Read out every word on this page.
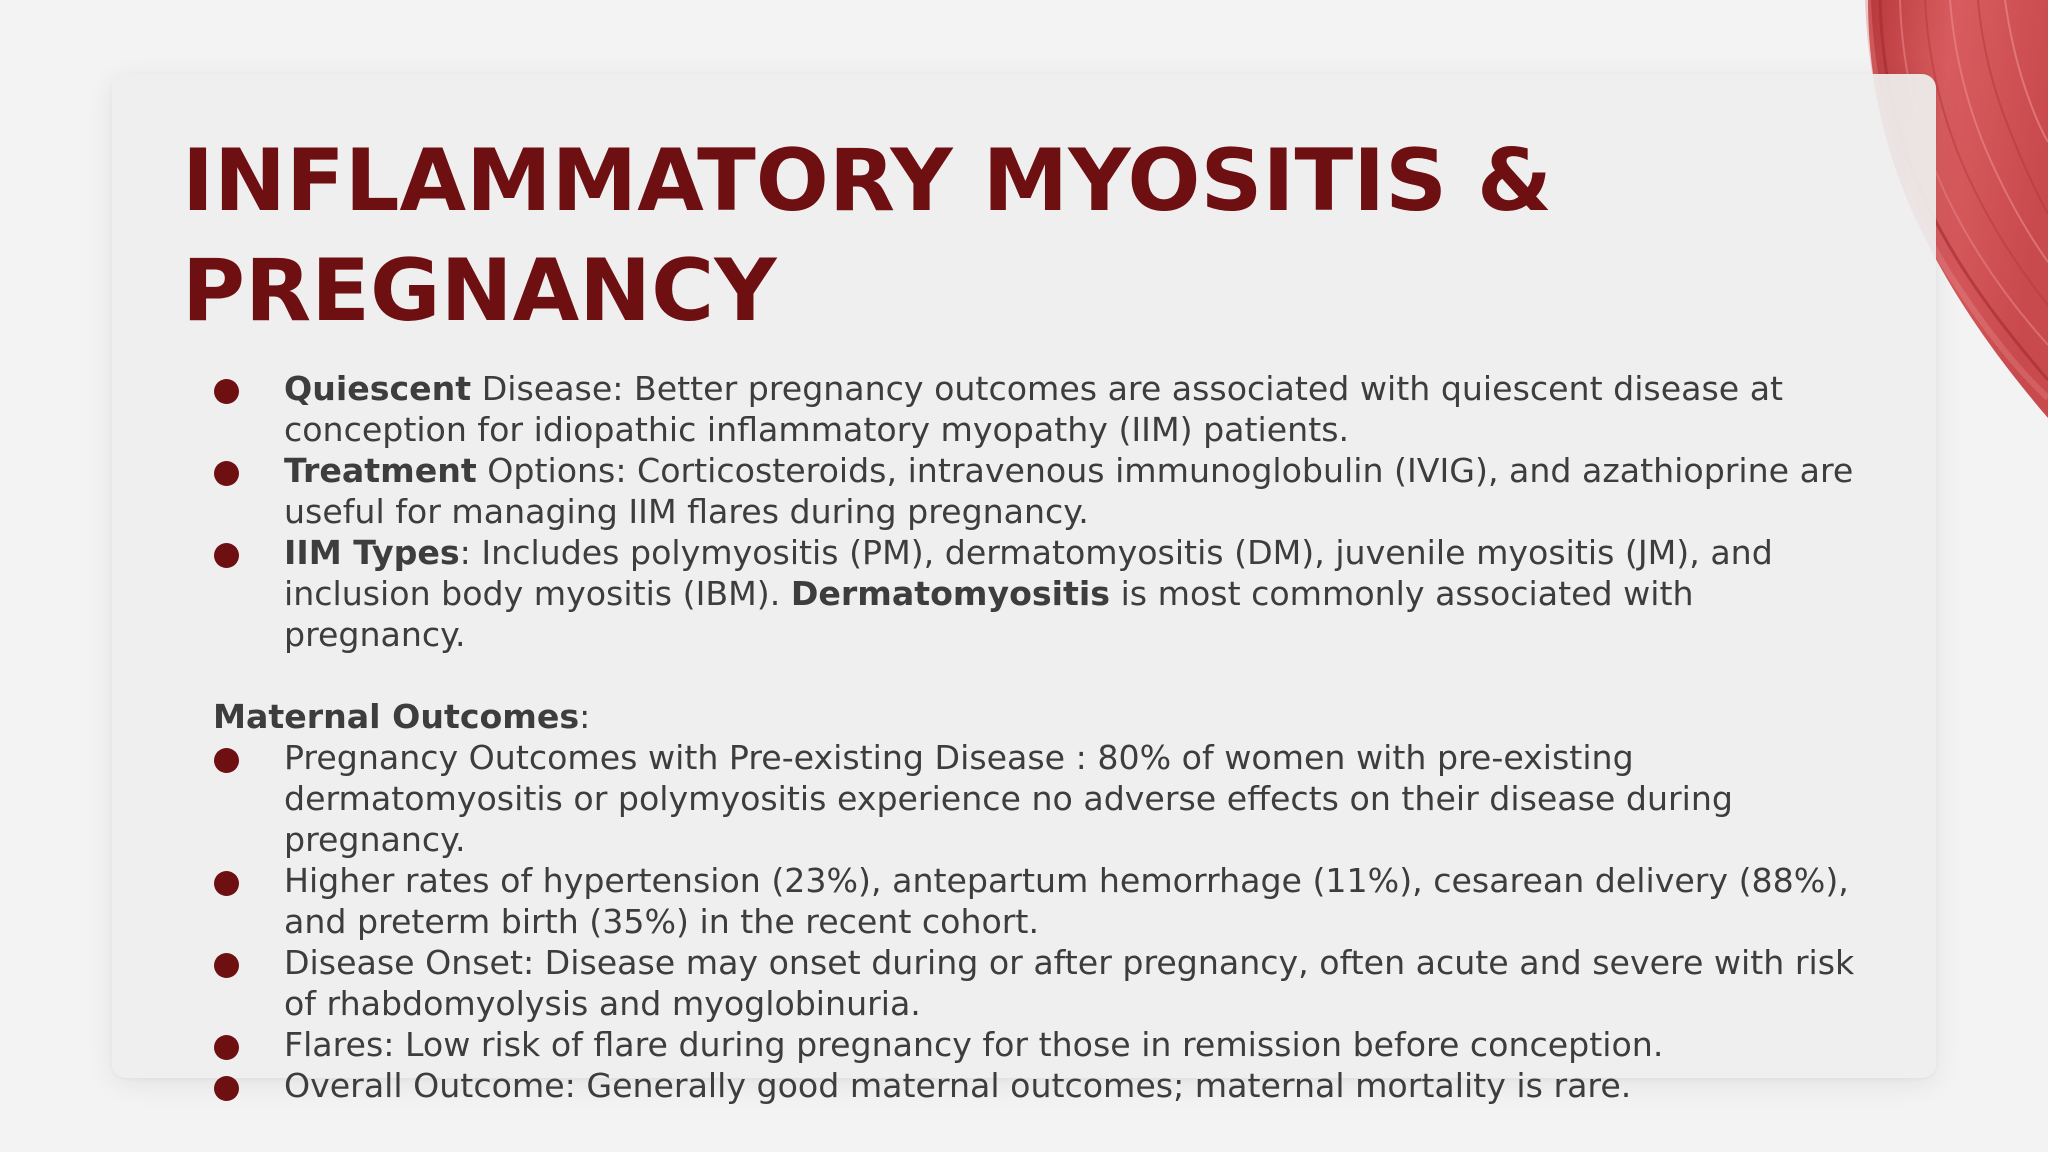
INFLAMMATORY MYOSITIS & PREGNANCY
Quiescent Disease: Better pregnancy outcomes are associated with quiescent disease at conception for idiopathic inflammatory myopathy (IIM) patients.
Treatment Options: Corticosteroids, intravenous immunoglobulin (IVIG), and azathioprine are useful for managing IIM flares during pregnancy.
IIM Types: Includes polymyositis (PM), dermatomyositis (DM), juvenile myositis (JM), and inclusion body myositis (IBM). Dermatomyositis is most commonly associated with pregnancy.
Maternal Outcomes:
Pregnancy Outcomes with Pre-existing Disease : 80% of women with pre-existing dermatomyositis or polymyositis experience no adverse effects on their disease during pregnancy.
Higher rates of hypertension (23%), antepartum hemorrhage (11%), cesarean delivery (88%), and preterm birth (35%) in the recent cohort.
Disease Onset: Disease may onset during or after pregnancy, often acute and severe with risk of rhabdomyolysis and myoglobinuria.
Flares: Low risk of flare during pregnancy for those in remission before conception.
Overall Outcome: Generally good maternal outcomes; maternal mortality is rare.
